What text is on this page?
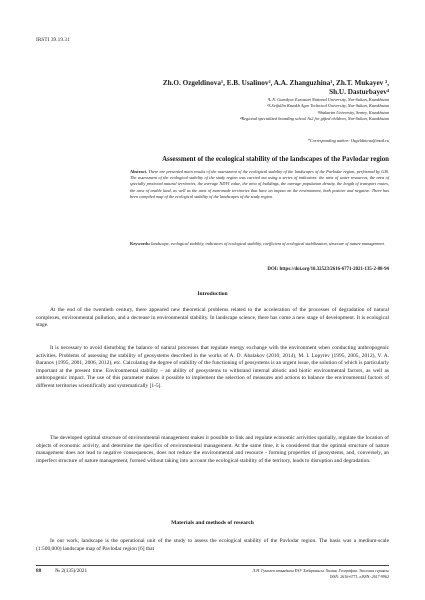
IRSTI 39.19.31
Zh.O. Ozgeldinova¹, E.B. Usalinov², A.A. Zhanguzhina¹, Zh.T. Mukayev ³,
Sh.U. Dasturbayev⁴
¹L.N. Gumilyov Eurasian National University, Nur-Sultan, Kazakhstan
²S.Seifullin Kazakh Agro Technical University, Nur-Sultan, Kazakhstan
³Shakarim University, Semey, Kazakhstan
⁴Regional specialized boarding school №2 for gifted children, Nur-Sultan, Kazakhstan
*Corresponding author: Ozgeldinova@mail.ru
Assessment of the ecological stability of the landscapes of the Pavlodar region
Abstract. There are presented main results of the assessment of the ecological stability of the landscapes of the Pavlodar region, performed by GIS. The assessment of the ecological stability of the study region was carried out using a series of indicators: the area of water resources, the area of specially protected natural territories, the average NDVI value, the area of buildings, the average population density, the length of transport routes, the area of arable land, as well as the area of man-made territories that have an impact on the environment, both positive and negative. There has been compiled map of the ecological stability of the landscapes of the study region.
Keywords: landscape, ecological stability, indicators of ecological stability, coefficient of ecological stabilization, structure of nature management.
DOI: https://doi.org/10.32523/2616-6771-2021-135-2-88-94
Introduction

At the end of the twentieth century, there appeared new theoretical problems related to the acceleration of the processes of degradation of natural complexes, environmental pollution, and a decrease in environmental stability. In landscape science, there has come a new stage of development. It is ecological stage.

It is necessary to avoid disturbing the balance of natural processes that regulate energy exchange with the environment when conducting anthropogenic activities. Problems of assessing the stability of geosystems described in the works of A. D. Abalakov (2010, 2014), M. I. Lopyrev (1995, 2005, 2012), V. A. Baranov (1995, 2001, 2006, 2012), etc. Calculating the degree of stability of the functioning of geosystems is an urgent issue, the solution of which is particularly important at the present time. Environmental stability – an ability of geosystems to withstand internal abiotic and biotic environmental factors, as well as anthropogenic impact. The use of this parameter makes it possible to implement the selection of measures and actions to balance the environmental factors of different territories scientifically and systematically [1-5].

The developed optimal structure of environmental management makes it possible to link and regulate economic activities spatially, regulate the location of objects of economic activity, and determine the specifics of environmental management. At the same time, it is considered that the optimal structure of nature management does not lead to negative consequences, does not reduce the environmental and resource - forming properties of geosystems, and, conversely, an imperfect structure of nature management, formed without taking into account the ecological stability of the territory, leads to disruption and degradation.

Materials and methods of research

In our work, landscape is the operational unit of the study to assess the ecological stability of the Pavlodar region. The basis was a medium-scale (1:500,000) landscape map of Pavlodar region [6] that

88	№ 2(135)/2021	Л.Н. Гумилев атындағы ЕҰУ Хабаршысы. Химия. География. Экология сериясы
ISSN: 2616-6771, eISSN: 2617-9962
